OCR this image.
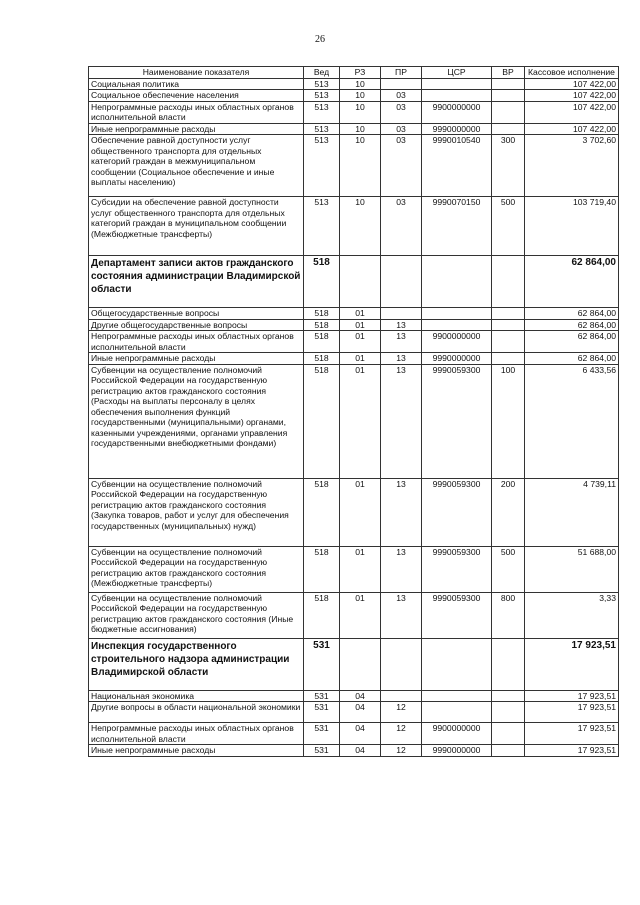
26
Наименование показателя	Вед	РЗ	ПР	ЦСР	ВР	Кассовое исполнение
Социальная политика	513	10				107 422,00
Социальное обеспечение населения	513	10	03			107 422,00
Непрограммные расходы иных областных органов исполнительной власти	513	10	03	9900000000		107 422,00
Иные непрограммные расходы	513	10	03	9990000000		107 422,00
Обеспечение равной доступности услуг общественного транспорта для отдельных категорий граждан в межмуниципальном сообщении (Социальное обеспечение и иные выплаты населению)	513	10	03	9990010540	300	3 702,60
Субсидии на обеспечение равной доступности услуг общественного транспорта для отдельных категорий граждан в муниципальном сообщении (Межбюджетные трансферты)	513	10	03	9990070150	500	103 719,40
Департамент записи актов гражданского состояния администрации Владимирской области	518					62 864,00
Общегосударственные вопросы	518	01				62 864,00
Другие общегосударственные вопросы	518	01	13			62 864,00
Непрограммные расходы иных областных органов исполнительной власти	518	01	13	9900000000		62 864,00
Иные непрограммные расходы	518	01	13	9990000000		62 864,00
Субвенции на осуществление полномочий Российской Федерации на государственную регистрацию актов гражданского состояния (Расходы на выплаты персоналу в целях обеспечения выполнения функций государственными (муниципальными) органами, казенными учреждениями, органами управления государственными внебюджетными фондами)	518	01	13	9990059300	100	6 433,56
Субвенции на осуществление полномочий Российской Федерации на государственную регистрацию актов гражданского состояния (Закупка товаров, работ и услуг для обеспечения государственных (муниципальных) нужд)	518	01	13	9990059300	200	4 739,11
Субвенции на осуществление полномочий Российской Федерации на государственную регистрацию актов гражданского состояния (Межбюджетные трансферты)	518	01	13	9990059300	500	51 688,00
Субвенции на осуществление полномочий Российской Федерации на государственную регистрацию актов гражданского состояния (Иные бюджетные ассигнования)	518	01	13	9990059300	800	3,33
Инспекция государственного строительного надзора администрации Владимирской области	531					17 923,51
Национальная экономика	531	04				17 923,51
Другие вопросы в области национальной экономики	531	04	12			17 923,51
Непрограммные расходы иных областных органов исполнительной власти	531	04	12	9900000000		17 923,51
Иные непрограммные расходы	531	04	12	9990000000		17 923,51
